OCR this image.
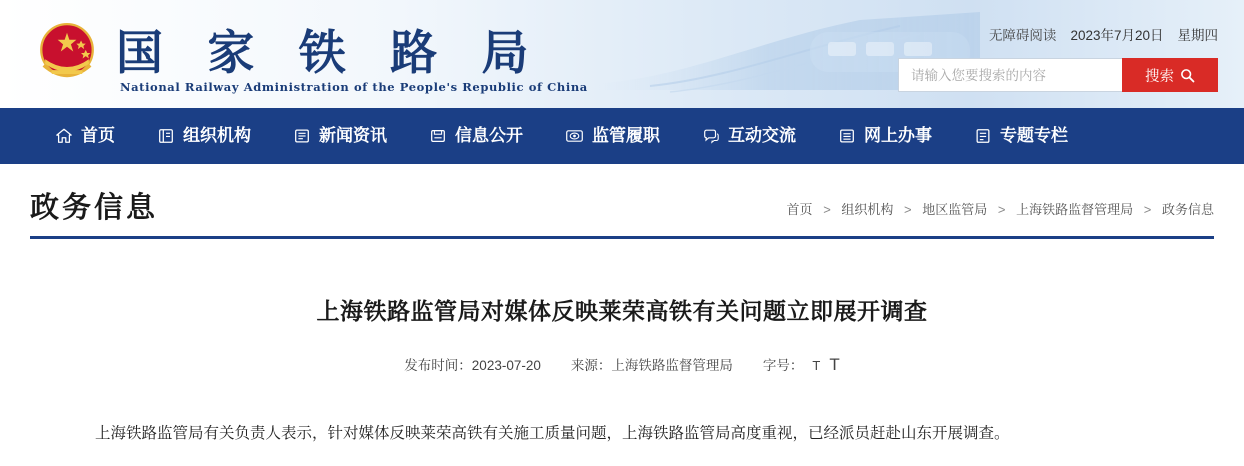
国 家 铁 路 局
National Railway Administration of the People's Republic of China
无障碍阅读 2023年7月20日 星期四
请输入您要搜索的内容
搜索
首页	组织机构	新闻资讯	信息公开	监管履职	互动交流	网上办事	专题专栏
政务信息	首页 > 组织机构 > 地区监管局 > 上海铁路监督管理局 > 政务信息
上海铁路监管局对媒体反映莱荣高铁有关问题立即展开调查
发布时间：2023-07-20 来源：上海铁路监督管理局 字号： T T

上海铁路监管局有关负责人表示，针对媒体反映莱荣高铁有关施工质量问题，上海铁路监管局高度重视，已经派员赶赴山东开展调查。
